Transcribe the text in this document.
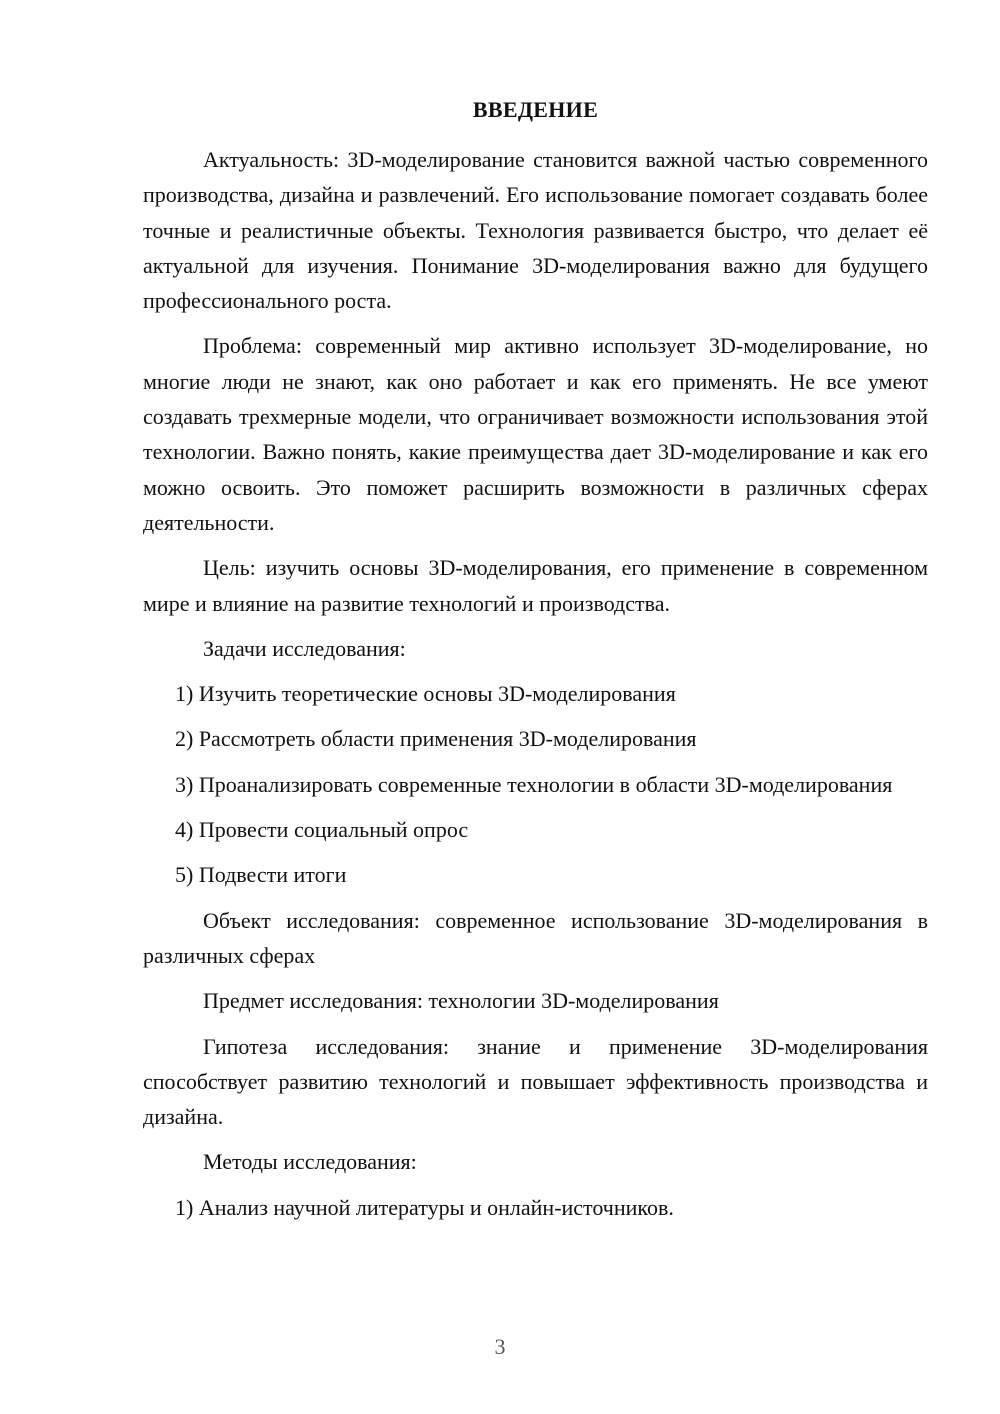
ВВЕДЕНИЕ

Актуальность: 3D-моделирование становится важной частью современного производства, дизайна и развлечений. Его использование помогает создавать более точные и реалистичные объекты. Технология развивается быстро, что делает её актуальной для изучения. Понимание 3D-моделирования важно для будущего профессионального роста.

Проблема: современный мир активно использует 3D-моделирование, но многие люди не знают, как оно работает и как его применять. Не все умеют создавать трехмерные модели, что ограничивает возможности использования этой технологии. Важно понять, какие преимущества дает 3D-моделирование и как его можно освоить. Это поможет расширить возможности в различных сферах деятельности.

Цель: изучить основы 3D-моделирования, его применение в современном мире и влияние на развитие технологий и производства.

Задачи исследования:

1) Изучить теоретические основы 3D-моделирования

2) Рассмотреть области применения 3D-моделирования

3) Проанализировать современные технологии в области 3D-моделирования

4) Провести социальный опрос

5) Подвести итоги

Объект исследования: современное использование 3D-моделирования в различных сферах

Предмет исследования: технологии 3D-моделирования

Гипотеза исследования: знание и применение 3D-моделирования способствует развитию технологий и повышает эффективность производства и дизайна.

Методы исследования:

1) Анализ научной литературы и онлайн-источников.

3
